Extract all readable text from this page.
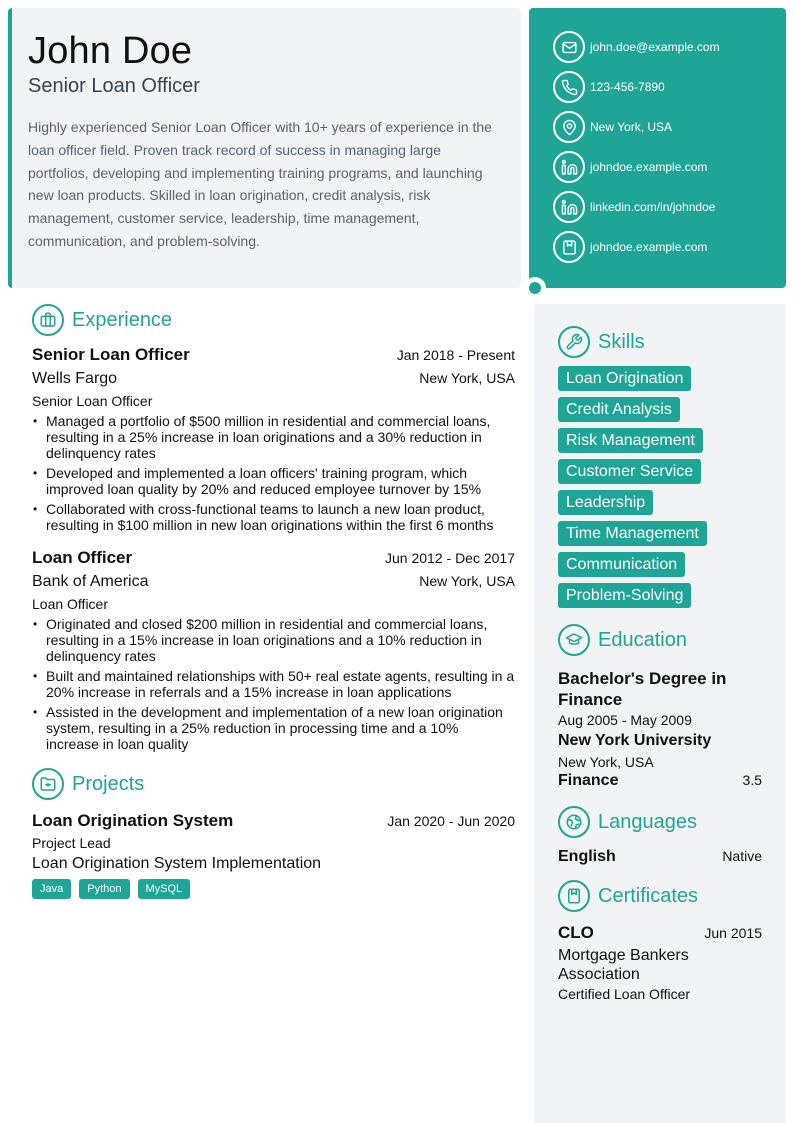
John Doe
Senior Loan Officer
Highly experienced Senior Loan Officer with 10+ years of experience in the loan officer field. Proven track record of success in managing large portfolios, developing and implementing training programs, and launching new loan products. Skilled in loan origination, credit analysis, risk management, customer service, leadership, time management, communication, and problem-solving.
john.doe@example.com
123-456-7890
New York, USA
johndoe.example.com
linkedin.com/in/johndoe
johndoe.example.com
Experience
Senior Loan Officer	Jan 2018 - Present
Wells Fargo	New York, USA
Senior Loan Officer
• Managed a portfolio of $500 million in residential and commercial loans, resulting in a 25% increase in loan originations and a 30% reduction in delinquency rates
• Developed and implemented a loan officers' training program, which improved loan quality by 20% and reduced employee turnover by 15%
• Collaborated with cross-functional teams to launch a new loan product, resulting in $100 million in new loan originations within the first 6 months
Loan Officer	Jun 2012 - Dec 2017
Bank of America	New York, USA
Loan Officer
• Originated and closed $200 million in residential and commercial loans, resulting in a 15% increase in loan originations and a 10% reduction in delinquency rates
• Built and maintained relationships with 50+ real estate agents, resulting in a 20% increase in referrals and a 15% increase in loan applications
• Assisted in the development and implementation of a new loan origination system, resulting in a 25% reduction in processing time and a 10% increase in loan quality
Projects
Loan Origination System	Jan 2020 - Jun 2020
Project Lead
Loan Origination System Implementation
Java	Python	MySQL
Skills
Loan Origination
Credit Analysis
Risk Management
Customer Service
Leadership
Time Management
Communication
Problem-Solving
Education
Bachelor's Degree in Finance
Aug 2005 - May 2009
New York University
New York, USA
Finance	3.5
Languages
English	Native
Certificates
CLO	Jun 2015
Mortgage Bankers Association
Certified Loan Officer
